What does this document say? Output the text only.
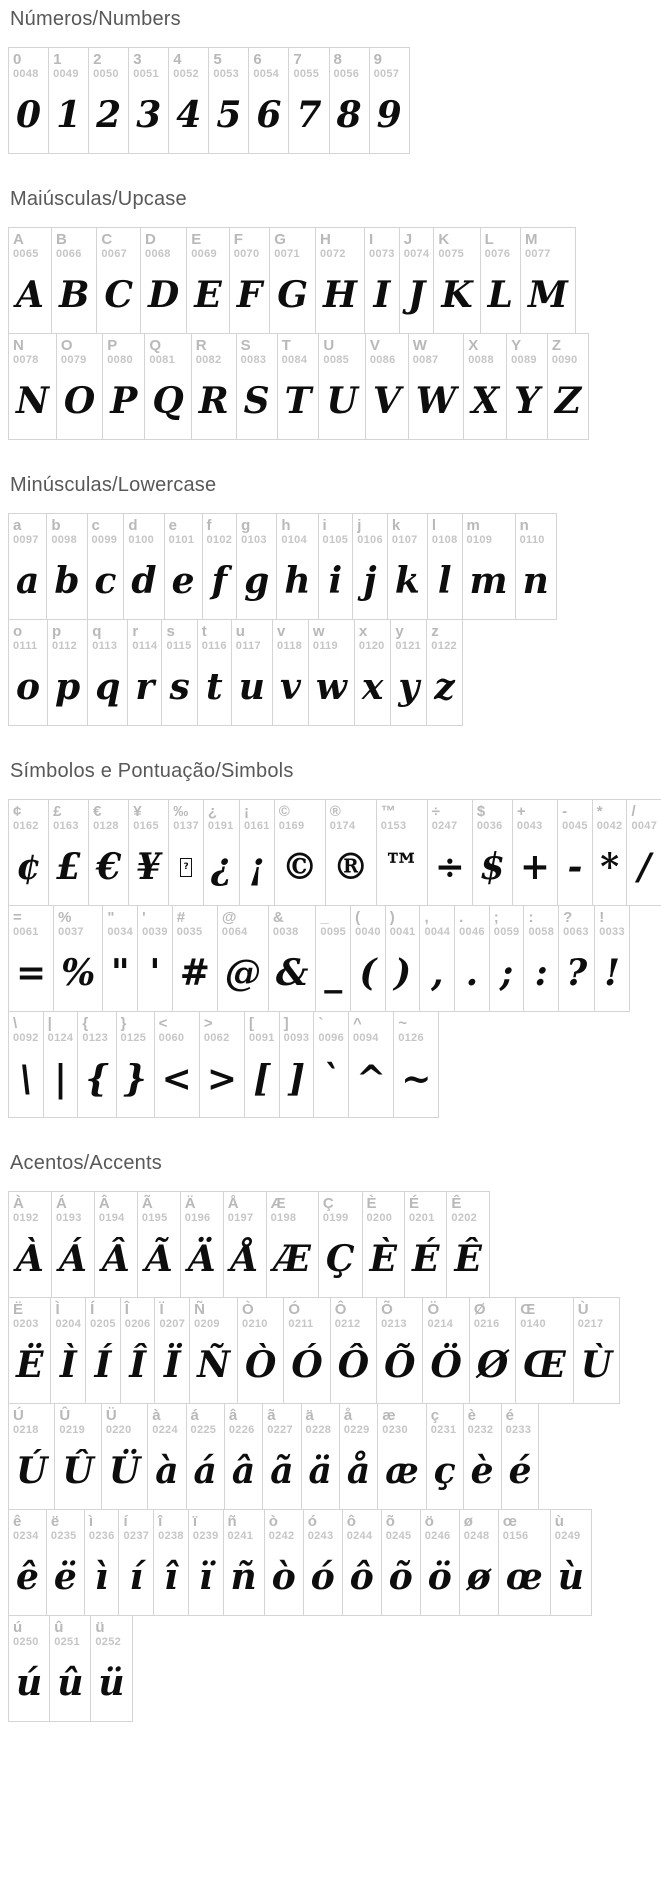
Números/Numbers
0
0048
0
1
0049
1
2
0050
2
3
0051
3
4
0052
4
5
0053
5
6
0054
6
7
0055
7
8
0056
8
9
0057
9
Maiúsculas/Upcase
A
0065
A
B
0066
B
C
0067
C
D
0068
D
E
0069
E
F
0070
F
G
0071
G
H
0072
H
I
0073
I
J
0074
J
K
0075
K
L
0076
L
M
0077
M
N
0078
N
O
0079
O
P
0080
P
Q
0081
Q
R
0082
R
S
0083
S
T
0084
T
U
0085
U
V
0086
V
W
0087
W
X
0088
X
Y
0089
Y
Z
0090
Z
Minúsculas/Lowercase
a
0097
a
b
0098
b
c
0099
c
d
0100
d
e
0101
e
f
0102
f
g
0103
g
h
0104
h
i
0105
i
j
0106
j
k
0107
k
l
0108
l
m
0109
m
n
0110
n
o
0111
o
p
0112
p
q
0113
q
r
0114
r
s
0115
s
t
0116
t
u
0117
u
v
0118
v
w
0119
w
x
0120
x
y
0121
y
z
0122
z
Símbolos e Pontuação/Simbols
¢
0162
¢
£
0163
£
€
0128
€
¥
0165
¥
‰
0137
?
¿
0191
¿
¡
0161
¡
©
0169
©
®
0174
®
™
0153
™
÷
0247
÷
$
0036
$
+
0043
+
-
0045
-
*
0042
*
/
0047
/
=
0061
=
%
0037
%
"
0034
"
'
0039
'
#
0035
#
@
0064
@
&
0038
&
_
0095
_
(
0040
(
)
0041
)
,
0044
,
.
0046
.
;
0059
;
:
0058
:
?
0063
?
!
0033
!
\
0092
\
|
0124
|
{
0123
{
}
0125
}
<
0060
<
>
0062
>
[
0091
[
]
0093
]
`
0096
`
^
0094
^
~
0126
~
Acentos/Accents
À
0192
À
Á
0193
Á
Â
0194
Â
Ã
0195
Ã
Ä
0196
Ä
Å
0197
Å
Æ
0198
Æ
Ç
0199
Ç
È
0200
È
É
0201
É
Ê
0202
Ê
Ë
0203
Ë
Ì
0204
Ì
Í
0205
Í
Î
0206
Î
Ï
0207
Ï
Ñ
0209
Ñ
Ò
0210
Ò
Ó
0211
Ó
Ô
0212
Ô
Õ
0213
Õ
Ö
0214
Ö
Ø
0216
Ø
Œ
0140
Œ
Ù
0217
Ù
Ú
0218
Ú
Û
0219
Û
Ü
0220
Ü
à
0224
à
á
0225
á
â
0226
â
ã
0227
ã
ä
0228
ä
å
0229
å
æ
0230
æ
ç
0231
ç
è
0232
è
é
0233
é
ê
0234
ê
ë
0235
ë
ì
0236
ì
í
0237
í
î
0238
î
ï
0239
ï
ñ
0241
ñ
ò
0242
ò
ó
0243
ó
ô
0244
ô
õ
0245
õ
ö
0246
ö
ø
0248
ø
œ
0156
œ
ù
0249
ù
ú
0250
ú
û
0251
û
ü
0252
ü
